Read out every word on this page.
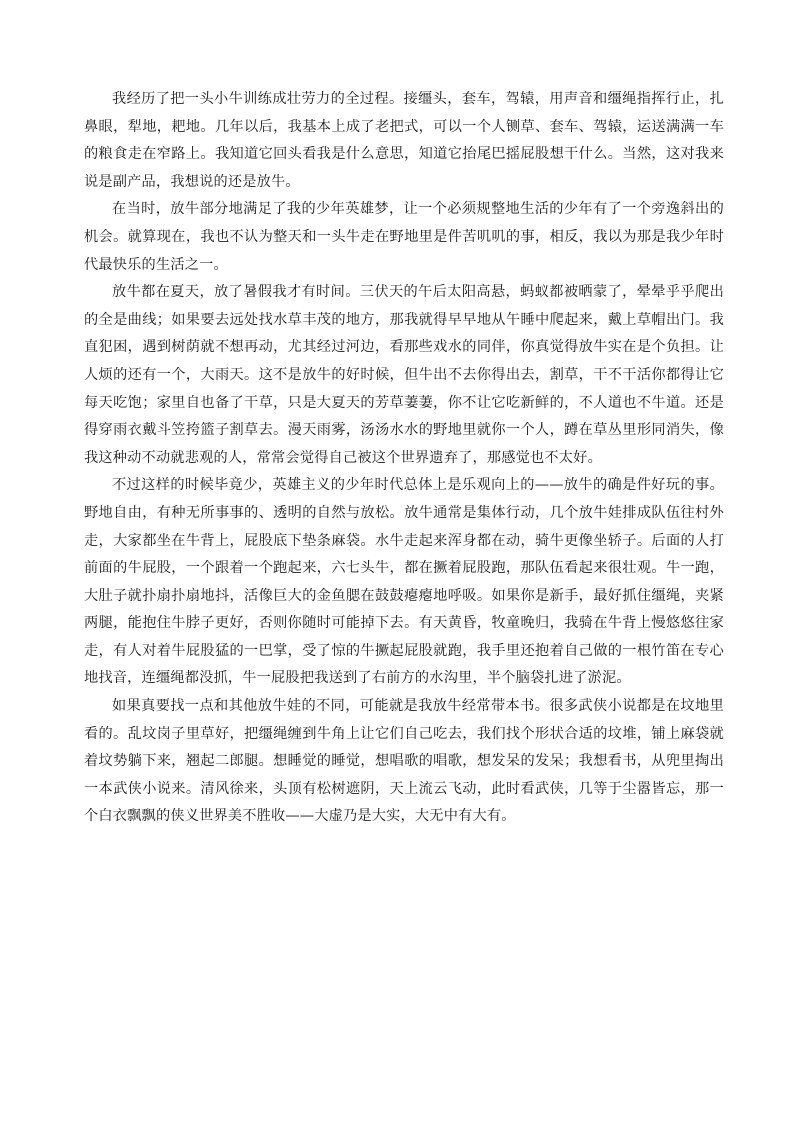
我经历了把一头小牛训练成壮劳力的全过程。接缰头，套车，驾辕，用声音和缰绳指挥行止，扎鼻眼，犁地，耙地。几年以后，我基本上成了老把式，可以一个人铡草、套车、驾辕，运送满满一车的粮食走在窄路上。我知道它回头看我是什么意思，知道它抬尾巴摇屁股想干什么。当然，这对我来说是副产品，我想说的还是放牛。

在当时，放牛部分地满足了我的少年英雄梦，让一个必须规整地生活的少年有了一个旁逸斜出的机会。就算现在，我也不认为整天和一头牛走在野地里是件苦叽叽的事，相反，我以为那是我少年时代最快乐的生活之一。

放牛都在夏天，放了暑假我才有时间。三伏天的午后太阳高悬，蚂蚁都被晒蒙了，晕晕乎乎爬出的全是曲线；如果要去远处找水草丰茂的地方，那我就得早早地从午睡中爬起来，戴上草帽出门。我直犯困，遇到树荫就不想再动，尤其经过河边，看那些戏水的同伴，你真觉得放牛实在是个负担。让人烦的还有一个，大雨天。这不是放牛的好时候，但牛出不去你得出去，割草，干不干活你都得让它每天吃饱；家里自也备了干草，只是大夏天的芳草萋萋，你不让它吃新鲜的，不人道也不牛道。还是得穿雨衣戴斗笠挎篮子割草去。漫天雨雾，汤汤水水的野地里就你一个人，蹲在草丛里形同消失，像我这种动不动就悲观的人，常常会觉得自己被这个世界遗弃了，那感觉也不太好。

不过这样的时候毕竟少，英雄主义的少年时代总体上是乐观向上的——放牛的确是件好玩的事。野地自由，有种无所事事的、透明的自然与放松。放牛通常是集体行动，几个放牛娃排成队伍往村外走，大家都坐在牛背上，屁股底下垫条麻袋。水牛走起来浑身都在动，骑牛更像坐轿子。后面的人打前面的牛屁股，一个跟着一个跑起来，六七头牛，都在撅着屁股跑，那队伍看起来很壮观。牛一跑，大肚子就扑扇扑扇地抖，活像巨大的金鱼腮在鼓鼓瘪瘪地呼吸。如果你是新手，最好抓住缰绳，夹紧两腿，能抱住牛脖子更好，否则你随时可能掉下去。有天黄昏，牧童晚归，我骑在牛背上慢悠悠往家走，有人对着牛屁股猛的一巴掌，受了惊的牛撅起屁股就跑，我手里还抱着自己做的一根竹笛在专心地找音，连缰绳都没抓，牛一屁股把我送到了右前方的水沟里，半个脑袋扎进了淤泥。

如果真要找一点和其他放牛娃的不同，可能就是我放牛经常带本书。很多武侠小说都是在坟地里看的。乱坟岗子里草好，把缰绳缠到牛角上让它们自己吃去，我们找个形状合适的坟堆，铺上麻袋就着坟势躺下来，翘起二郎腿。想睡觉的睡觉，想唱歌的唱歌，想发呆的发呆；我想看书，从兜里掏出一本武侠小说来。清风徐来，头顶有松树遮阴，天上流云飞动，此时看武侠，几等于尘嚣皆忘，那一个白衣飘飘的侠义世界美不胜收——大虚乃是大实，大无中有大有。
